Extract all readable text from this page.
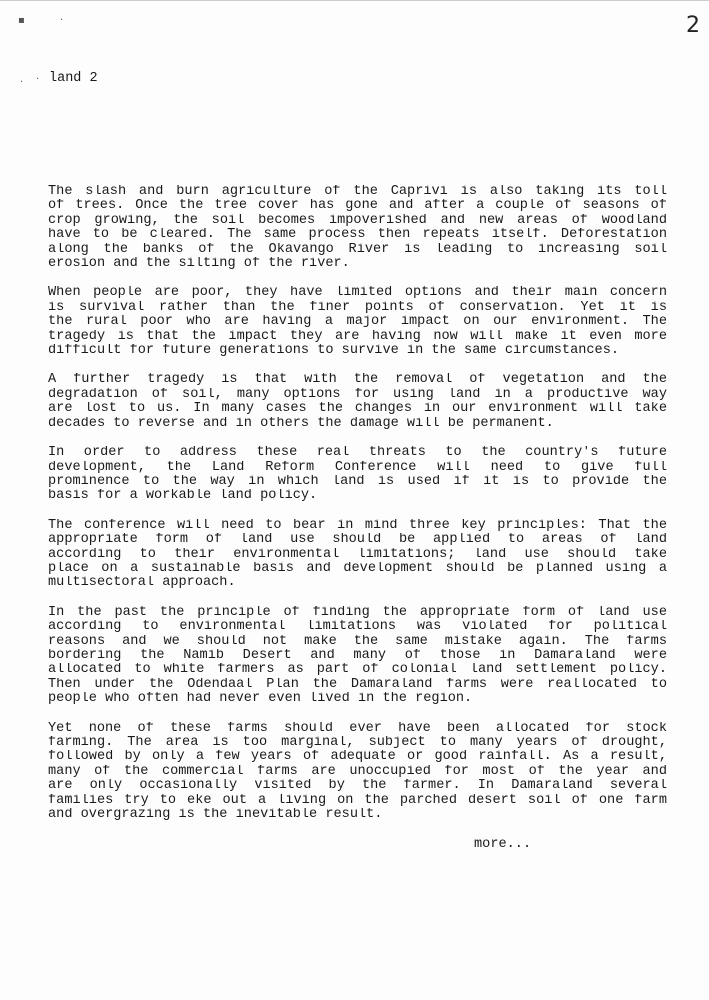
2
▪	·
· · land 2

The slash and burn agriculture of the Caprivi is also taking its toll
of trees. Once the tree cover has gone and after a couple of seasons of
crop growing, the soil becomes impoverished and new areas of woodland
have to be cleared. The same process then repeats itself. Deforestation
along the banks of the Okavango River is leading to increasing soil
erosion and the silting of the river.

When people are poor, they have limited options and their main concern
is survival rather than the finer points of conservation. Yet it is
the rural poor who are having a major impact on our environment. The
tragedy is that the impact they are having now will make it even more
difficult for future generations to survive in the same circumstances.

A further tragedy is that with the removal of vegetation and the
degradation of soil, many options for using land in a productive way
are lost to us. In many cases the changes in our environment will take
decades to reverse and in others the damage will be permanent.

In order to address these real threats to the country's future
development, the Land Reform Conference will need to give full
prominence to the way in which land is used if it is to provide the
basis for a workable land policy.

The conference will need to bear in mind three key principles: That the
appropriate form of land use should be applied to areas of land
according to their environmental limitations; land use should take
place on a sustainable basis and development should be planned using a
multisectoral approach.

In the past the principle of finding the appropriate form of land use
according to environmental limitations was violated for political
reasons and we should not make the same mistake again. The farms
bordering the Namib Desert and many of those in Damaraland were
allocated to white farmers as part of colonial land settlement policy.
Then under the Odendaal Plan the Damaraland farms were reallocated to
people who often had never even lived in the region.

Yet none of these farms should ever have been allocated for stock
farming. The area is too marginal, subject to many years of drought,
followed by only a few years of adequate or good rainfall. As a result,
many of the commercial farms are unoccupied for most of the year and
are only occasionally visited by the farmer. In Damaraland several
families try to eke out a living on the parched desert soil of one farm
and overgrazing is the inevitable result.

more...
